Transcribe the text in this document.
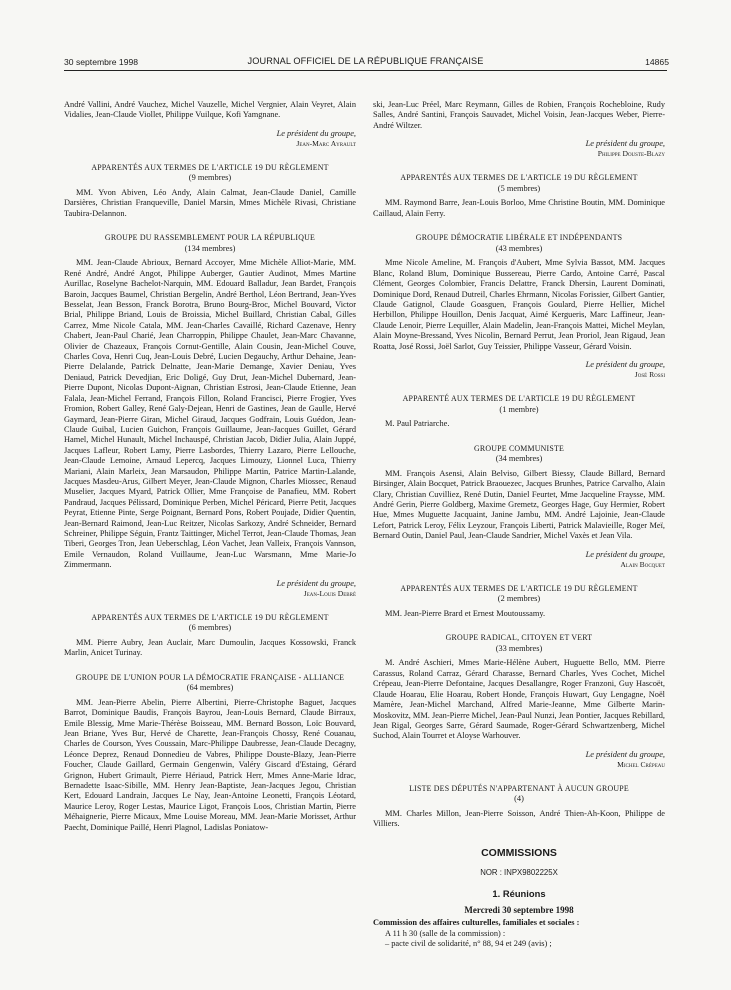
30 septembre 1998	JOURNAL OFFICIEL DE LA RÉPUBLIQUE FRANÇAISE	14865

André Vallini, André Vauchez, Michel Vauzelle, Michel Vergnier, Alain Veyret, Alain Vidalies, Jean-Claude Viollet, Philippe Vuilque, Kofi Yamgnane.

Le président du groupe,
Jean-Marc Ayrault
APPARENTÉS AUX TERMES DE L'ARTICLE 19 DU RÈGLEMENT
(9 membres)

MM. Yvon Abiven, Léo Andy, Alain Calmat, Jean-Claude Daniel, Camille Darsières, Christian Franqueville, Daniel Marsin, Mmes Michèle Rivasi, Christiane Taubira-Delannon.

GROUPE DU RASSEMBLEMENT POUR LA RÉPUBLIQUE
(134 membres)

MM. Jean-Claude Abrioux, Bernard Accoyer, Mme Michèle Alliot-Marie, MM. René André, André Angot, Philippe Auberger, Gautier Audinot, Mmes Martine Aurillac, Roselyne Bachelot-Narquin, MM. Edouard Balladur, Jean Bardet, François Baroin, Jacques Baumel, Christian Bergelin, André Berthol, Léon Bertrand, Jean-Yves Besselat, Jean Besson, Franck Borotra, Bruno Bourg-Broc, Michel Bouvard, Victor Brial, Philippe Briand, Louis de Broissia, Michel Buillard, Christian Cabal, Gilles Carrez, Mme Nicole Catala, MM. Jean-Charles Cavaillé, Richard Cazenave, Henry Chabert, Jean-Paul Charié, Jean Charroppin, Philippe Chaulet, Jean-Marc Chavanne, Olivier de Chazeaux, François Cornut-Gentille, Alain Cousin, Jean-Michel Couve, Charles Cova, Henri Cuq, Jean-Louis Debré, Lucien Degauchy, Arthur Dehaine, Jean-Pierre Delalande, Patrick Delnatte, Jean-Marie Demange, Xavier Deniau, Yves Deniaud, Patrick Devedjian, Eric Doligé, Guy Drut, Jean-Michel Dubernard, Jean-Pierre Dupont, Nicolas Dupont-Aignan, Christian Estrosi, Jean-Claude Etienne, Jean Falala, Jean-Michel Ferrand, François Fillon, Roland Francisci, Pierre Frogier, Yves Fromion, Robert Galley, René Galy-Dejean, Henri de Gastines, Jean de Gaulle, Hervé Gaymard, Jean-Pierre Giran, Michel Giraud, Jacques Godfrain, Louis Guédon, Jean-Claude Guibal, Lucien Guichon, François Guillaume, Jean-Jacques Guillet, Gérard Hamel, Michel Hunault, Michel Inchauspé, Christian Jacob, Didier Julia, Alain Juppé, Jacques Lafleur, Robert Lamy, Pierre Lasbordes, Thierry Lazaro, Pierre Lellouche, Jean-Claude Lemoine, Arnaud Lepercq, Jacques Limouzy, Lionnel Luca, Thierry Mariani, Alain Marleix, Jean Marsaudon, Philippe Martin, Patrice Martin-Lalande, Jacques Masdeu-Arus, Gilbert Meyer, Jean-Claude Mignon, Charles Miossec, Renaud Muselier, Jacques Myard, Patrick Ollier, Mme Françoise de Panafieu, MM. Robert Pandraud, Jacques Pélissard, Dominique Perben, Michel Péricard, Pierre Petit, Jacques Peyrat, Etienne Pinte, Serge Poignant, Bernard Pons, Robert Poujade, Didier Quentin, Jean-Bernard Raimond, Jean-Luc Reitzer, Nicolas Sarkozy, André Schneider, Bernard Schreiner, Philippe Séguin, Frantz Taittinger, Michel Terrot, Jean-Claude Thomas, Jean Tiberi, Georges Tron, Jean Ueberschlag, Léon Vachet, Jean Valleix, François Vannson, Emile Vernaudon, Roland Vuillaume, Jean-Luc Warsmann, Mme Marie-Jo Zimmermann.

Le président du groupe,
Jean-Louis Debré
APPARENTÉS AUX TERMES DE L'ARTICLE 19 DU RÈGLEMENT
(6 membres)

MM. Pierre Aubry, Jean Auclair, Marc Dumoulin, Jacques Kossowski, Franck Marlin, Anicet Turinay.

GROUPE DE L'UNION POUR LA DÉMOCRATIE FRANÇAISE - ALLIANCE
(64 membres)

MM. Jean-Pierre Abelin, Pierre Albertini, Pierre-Christophe Baguet, Jacques Barrot, Dominique Baudis, François Bayrou, Jean-Louis Bernard, Claude Birraux, Emile Blessig, Mme Marie-Thérèse Boisseau, MM. Bernard Bosson, Loïc Bouvard, Jean Briane, Yves Bur, Hervé de Charette, Jean-François Chossy, René Couanau, Charles de Courson, Yves Coussain, Marc-Philippe Daubresse, Jean-Claude Decagny, Léonce Deprez, Renaud Donnedieu de Vabres, Philippe Douste-Blazy, Jean-Pierre Foucher, Claude Gaillard, Germain Gengenwin, Valéry Giscard d'Estaing, Gérard Grignon, Hubert Grimault, Pierre Hériaud, Patrick Herr, Mmes Anne-Marie Idrac, Bernadette Isaac-Sibille, MM. Henry Jean-Baptiste, Jean-Jacques Jegou, Christian Kert, Edouard Landrain, Jacques Le Nay, Jean-Antoine Leonetti, François Léotard, Maurice Leroy, Roger Lestas, Maurice Ligot, François Loos, Christian Martin, Pierre Méhaignerie, Pierre Micaux, Mme Louise Moreau, MM. Jean-Marie Morisset, Arthur Paecht, Dominique Paillé, Henri Plagnol, Ladislas Poniatow-

ski, Jean-Luc Préel, Marc Reymann, Gilles de Robien, François Rochebloine, Rudy Salles, André Santini, François Sauvadet, Michel Voisin, Jean-Jacques Weber, Pierre-André Wiltzer.

Le président du groupe,
Philippe Douste-Blazy
APPARENTÉS AUX TERMES DE L'ARTICLE 19 DU RÈGLEMENT
(5 membres)

MM. Raymond Barre, Jean-Louis Borloo, Mme Christine Boutin, MM. Dominique Caillaud, Alain Ferry.

GROUPE DÉMOCRATIE LIBÉRALE ET INDÉPENDANTS
(43 membres)

Mme Nicole Ameline, M. François d'Aubert, Mme Sylvia Bassot, MM. Jacques Blanc, Roland Blum, Dominique Bussereau, Pierre Cardo, Antoine Carré, Pascal Clément, Georges Colombier, Francis Delattre, Franck Dhersin, Laurent Dominati, Dominique Dord, Renaud Dutreil, Charles Ehrmann, Nicolas Forissier, Gilbert Gantier, Claude Gatignol, Claude Goasguen, François Goulard, Pierre Hellier, Michel Herbillon, Philippe Houillon, Denis Jacquat, Aimé Kergueris, Marc Laffineur, Jean-Claude Lenoir, Pierre Lequiller, Alain Madelin, Jean-François Mattei, Michel Meylan, Alain Moyne-Bressand, Yves Nicolin, Bernard Perrut, Jean Proriol, Jean Rigaud, Jean Roatta, José Rossi, Joël Sarlot, Guy Teissier, Philippe Vasseur, Gérard Voisin.

Le président du groupe,
José Rossi
APPARENTÉ AUX TERMES DE L'ARTICLE 19 DU RÈGLEMENT
(1 membre)

M. Paul Patriarche.

GROUPE COMMUNISTE
(34 membres)

MM. François Asensi, Alain Belviso, Gilbert Biessy, Claude Billard, Bernard Birsinger, Alain Bocquet, Patrick Braouezec, Jacques Brunhes, Patrice Carvalho, Alain Clary, Christian Cuvilliez, René Dutin, Daniel Feurtet, Mme Jacqueline Fraysse, MM. André Gerin, Pierre Goldberg, Maxime Gremetz, Georges Hage, Guy Hermier, Robert Hue, Mmes Muguette Jacquaint, Janine Jambu, MM. André Lajoinie, Jean-Claude Lefort, Patrick Leroy, Félix Leyzour, François Liberti, Patrick Malavieille, Roger Meï, Bernard Outin, Daniel Paul, Jean-Claude Sandrier, Michel Vaxès et Jean Vila.

Le président du groupe,
Alain Bocquet
APPARENTÉS AUX TERMES DE L'ARTICLE 19 DU RÈGLEMENT
(2 membres)

MM. Jean-Pierre Brard et Ernest Moutoussamy.

GROUPE RADICAL, CITOYEN ET VERT
(33 membres)

M. André Aschieri, Mmes Marie-Hélène Aubert, Huguette Bello, MM. Pierre Carassus, Roland Carraz, Gérard Charasse, Bernard Charles, Yves Cochet, Michel Crépeau, Jean-Pierre Defontaine, Jacques Desallangre, Roger Franzoni, Guy Hascoët, Claude Hoarau, Elie Hoarau, Robert Honde, François Huwart, Guy Lengagne, Noël Mamère, Jean-Michel Marchand, Alfred Marie-Jeanne, Mme Gilberte Marin-Moskovitz, MM. Jean-Pierre Michel, Jean-Paul Nunzi, Jean Pontier, Jacques Rebillard, Jean Rigal, Georges Sarre, Gérard Saumade, Roger-Gérard Schwartzenberg, Michel Suchod, Alain Tourret et Aloyse Warhouver.

Le président du groupe,
Michel Crépeau
LISTE DES DÉPUTÉS N'APPARTENANT À AUCUN GROUPE
(4)

MM. Charles Millon, Jean-Pierre Soisson, André Thien-Ah-Koon, Philippe de Villiers.

COMMISSIONS
NOR : INPX9802225X
1. Réunions
Mercredi 30 septembre 1998

Commission des affaires culturelles, familiales et sociales :

A 11 h 30 (salle de la commission) :

– pacte civil de solidarité, n° 88, 94 et 249 (avis) ;
